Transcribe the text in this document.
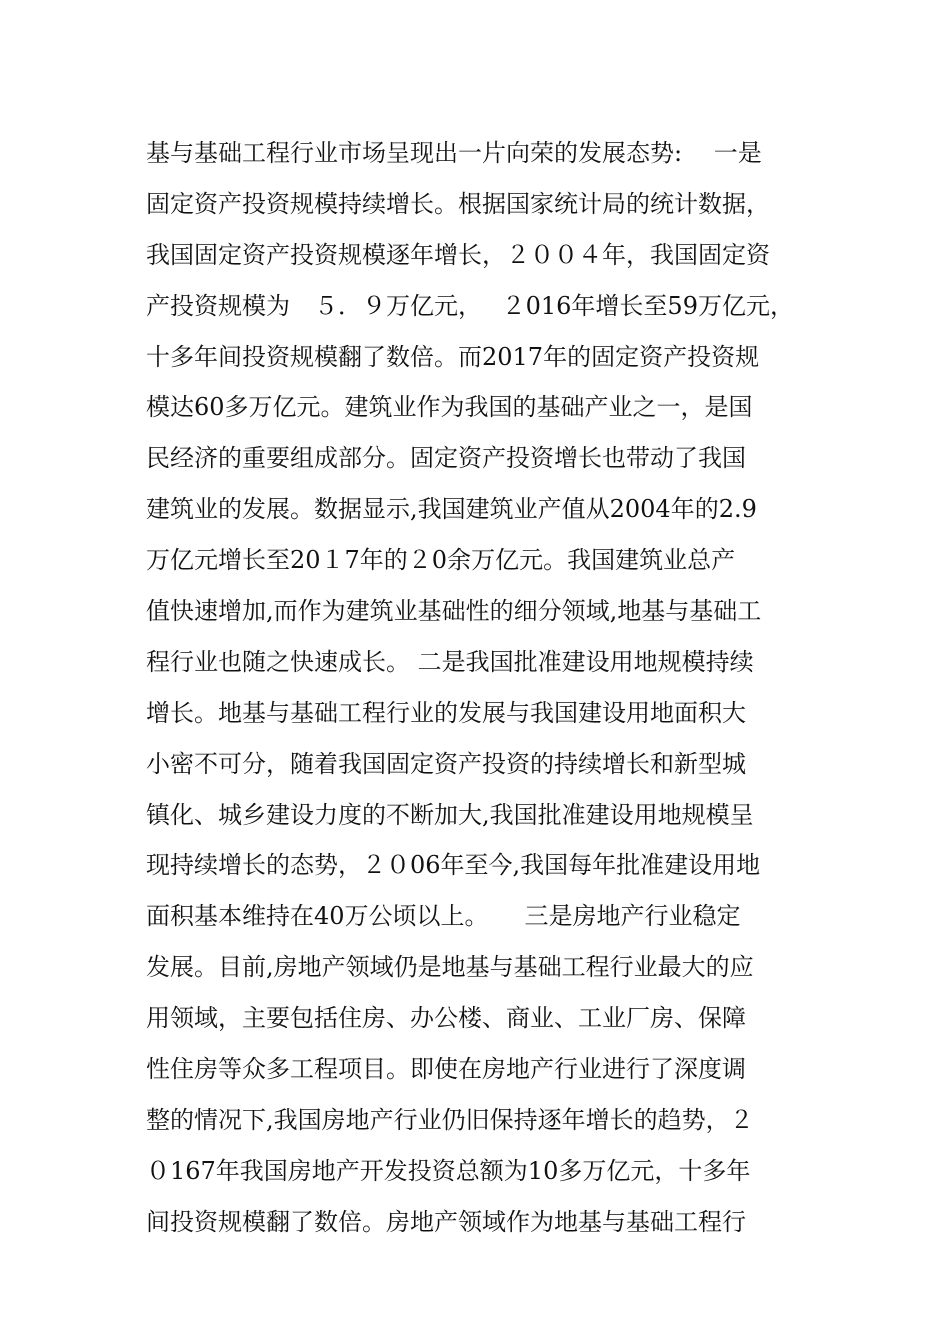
基与基础工程行业市场呈现出一片向荣的发展态势:　 一是
固定资产投资规模持续增长。根据国家统计局的统计数据，
我国固定资产投资规模逐年增长，２００４年，我国固定资
产投资规模为　５．９万亿元，　 ２016年增长至59万亿元，
十多年间投资规模翻了数倍。而2017年的固定资产投资规
模达60多万亿元。建筑业作为我国的基础产业之一，是国
民经济的重要组成部分。固定资产投资增长也带动了我国
建筑业的发展。数据显示,我国建筑业产值从2004年的2.9
万亿元增长至20１7年的２0余万亿元。我国建筑业总产
值快速增加,而作为建筑业基础性的细分领域,地基与基础工
程行业也随之快速成长。 二是我国批准建设用地规模持续
增长。地基与基础工程行业的发展与我国建设用地面积大
小密不可分，随着我国固定资产投资的持续增长和新型城
镇化、城乡建设力度的不断加大,我国批准建设用地规模呈
现持续增长的态势，２０06年至今,我国每年批准建设用地
面积基本维持在40万公顷以上。　　三是房地产行业稳定
发展。目前,房地产领域仍是地基与基础工程行业最大的应
用领域，主要包括住房、办公楼、商业、工业厂房、保障
性住房等众多工程项目。即使在房地产行业进行了深度调
整的情况下,我国房地产行业仍旧保持逐年增长的趋势，２
０167年我国房地产开发投资总额为10多万亿元，十多年
间投资规模翻了数倍。房地产领域作为地基与基础工程行
